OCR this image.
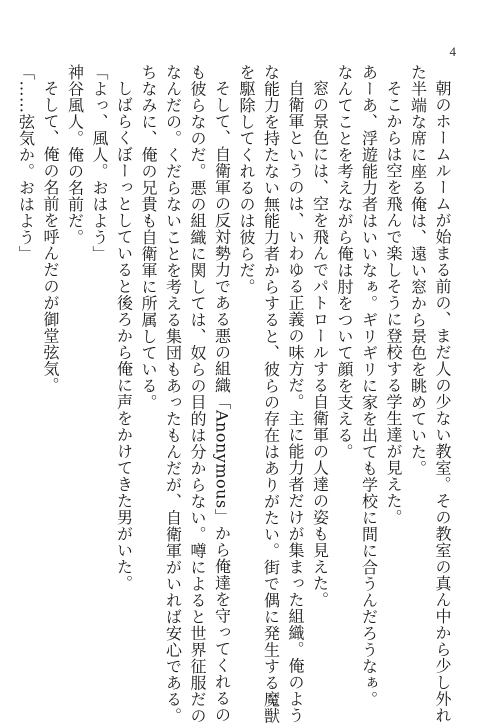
4
朝のホームルームが始まる前の、まだ人の少ない教室。その教室の真ん中から少し外れ
た半端な席に座る俺は、遠い窓から景色を眺めていた。
そこからは空を飛んで楽しそうに登校する学生達が見えた。
あーあ、浮遊能力者はいいなぁ。ギリギリに家を出ても学校に間に合うんだろうなぁ。
なんてことを考えながら俺は肘をついて顔を支える。
窓の景色には、空を飛んでパトロールする自衛軍の人達の姿も見えた。
自衛軍というのは、いわゆる正義の味方だ。主に能力者だけが集まった組織。俺のよう
な能力を持たない無能力者からすると、彼らの存在はありがたい。街で偶に発生する魔獣
を駆除してくれるのは彼らだ。
そして、自衛軍の反対勢力である悪の組織「Anonymous」から俺達を守ってくれるの
も彼らなのだ。悪の組織に関しては、奴らの目的は分からない。噂によると世界征服だの
なんだの。くだらないことを考える集団もあったもんだが、自衛軍がいれば安心である。
ちなみに、俺の兄貴も自衛軍に所属している。
しばらくぼーっとしていると後ろから俺に声をかけてきた男がいた。
「よっ、風人。おはよう」
神谷風人。俺の名前だ。
そして、俺の名前を呼んだのが御堂弦気。
「……弦気か。おはよう」
